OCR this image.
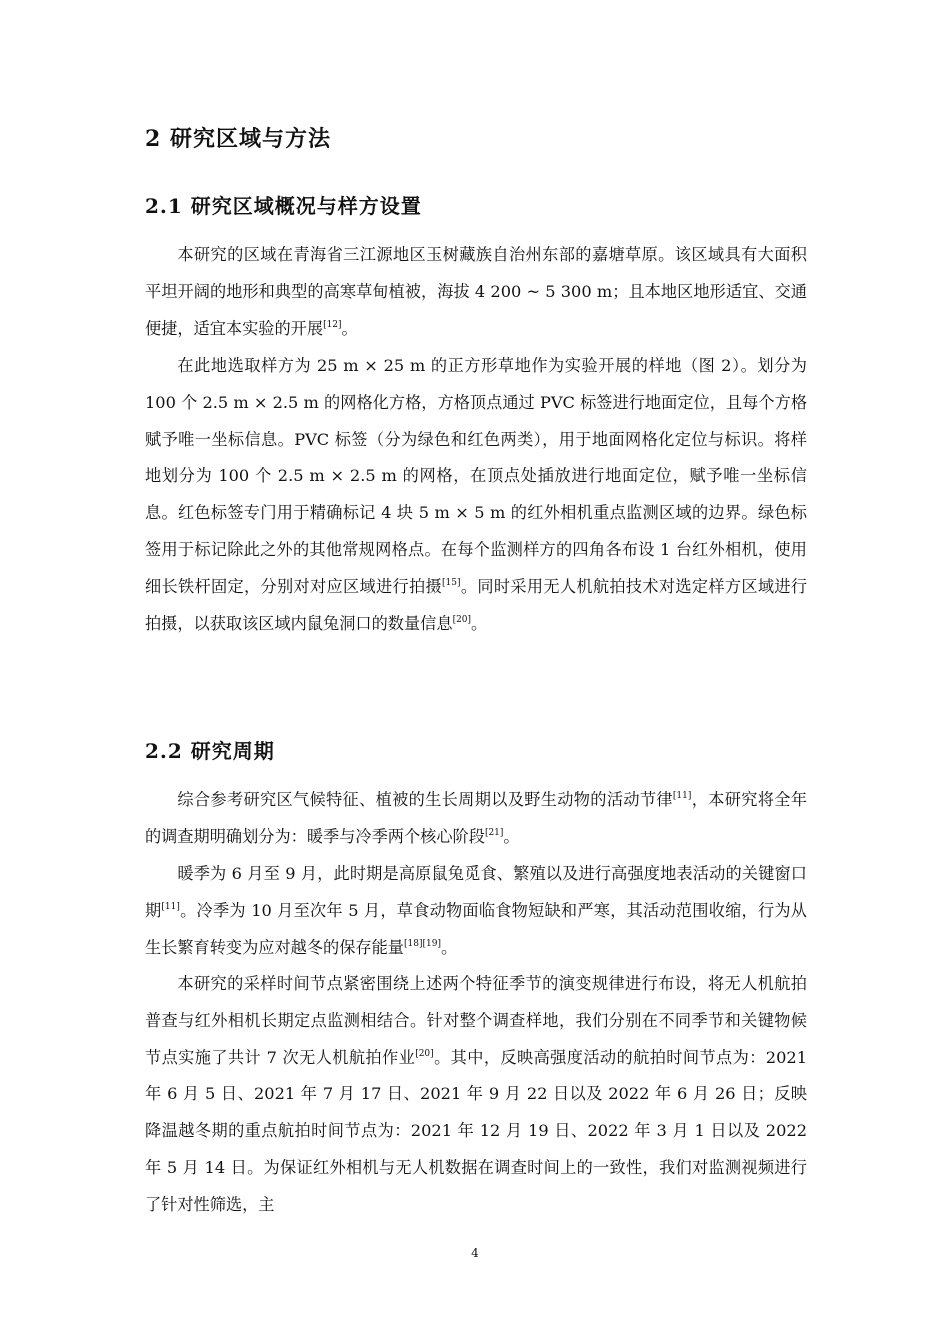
2 研究区域与方法
2.1 研究区域概况与样方设置

本研究的区域在青海省三江源地区玉树藏族自治州东部的嘉塘草原。该区域具有大面积平坦开阔的地形和典型的高寒草甸植被，海拔 4 200 ~ 5 300 m；且本地区地形适宜、交通便捷，适宜本实验的开展[12]。

在此地选取样方为 25 m × 25 m 的正方形草地作为实验开展的样地（图 2）。划分为 100 个 2.5 m × 2.5 m 的网格化方格，方格顶点通过 PVC 标签进行地面定位，且每个方格赋予唯一坐标信息。PVC 标签（分为绿色和红色两类），用于地面网格化定位与标识。将样地划分为 100 个 2.5 m × 2.5 m 的网格，在顶点处插放进行地面定位，赋予唯一坐标信息。红色标签专门用于精确标记 4 块 5 m × 5 m 的红外相机重点监测区域的边界。绿色标签用于标记除此之外的其他常规网格点。在每个监测样方的四角各布设 1 台红外相机，使用细长铁杆固定，分别对对应区域进行拍摄[15]。同时采用无人机航拍技术对选定样方区域进行拍摄，以获取该区域内鼠兔洞口的数量信息[20]。

2.2 研究周期

综合参考研究区气候特征、植被的生长周期以及野生动物的活动节律[11]，本研究将全年的调查期明确划分为：暖季与冷季两个核心阶段[21]。

暖季为 6 月至 9 月，此时期是高原鼠兔觅食、繁殖以及进行高强度地表活动的关键窗口期[11]。冷季为 10 月至次年 5 月，草食动物面临食物短缺和严寒，其活动范围收缩，行为从生长繁育转变为应对越冬的保存能量[18][19]。

本研究的采样时间节点紧密围绕上述两个特征季节的演变规律进行布设，将无人机航拍普查与红外相机长期定点监测相结合。针对整个调查样地，我们分别在不同季节和关键物候节点实施了共计 7 次无人机航拍作业[20]。其中，反映高强度活动的航拍时间节点为：2021 年 6 月 5 日、2021 年 7 月 17 日、2021 年 9 月 22 日以及 2022 年 6 月 26 日；反映降温越冬期的重点航拍时间节点为：2021 年 12 月 19 日、2022 年 3 月 1 日以及 2022 年 5 月 14 日。为保证红外相机与无人机数据在调查时间上的一致性，我们对监测视频进行了针对性筛选，主

4
